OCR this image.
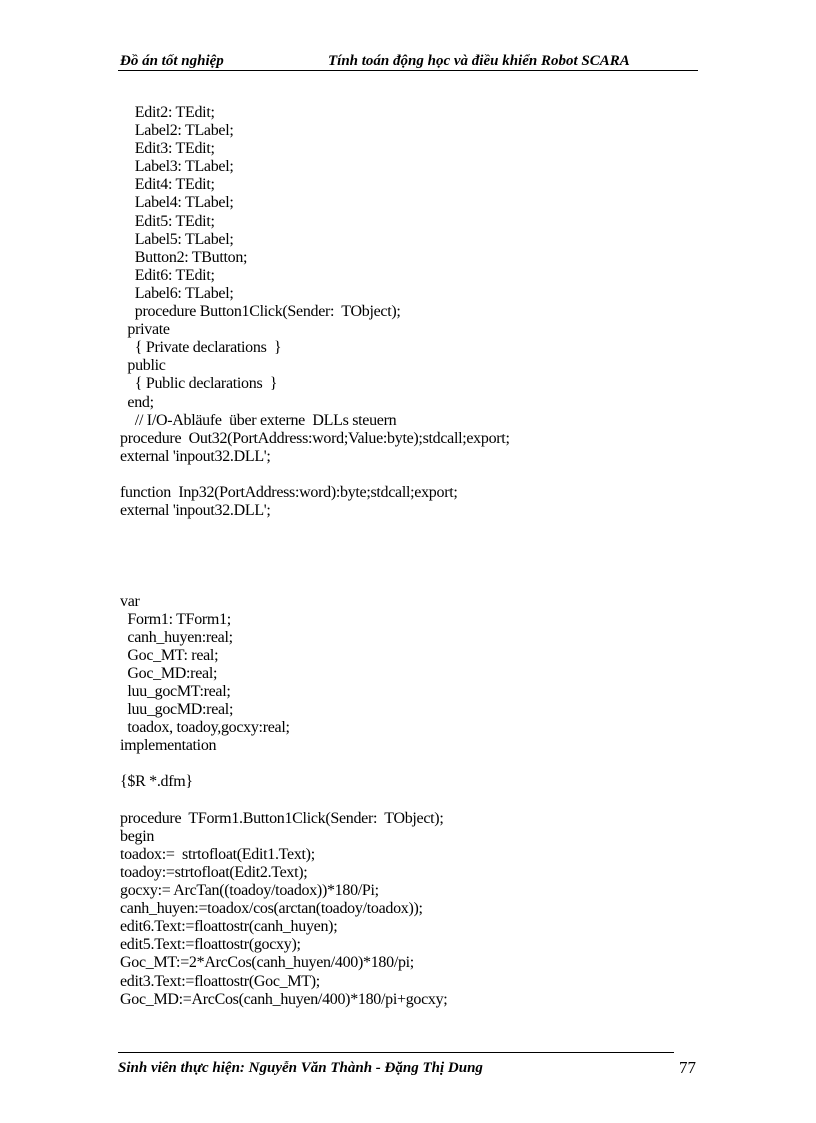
Đồ án tốt nghiệp	Tính toán động học và điều khiển Robot SCARA
Edit2: TEdit;
Label2: TLabel;
Edit3: TEdit;
Label3: TLabel;
Edit4: TEdit;
Label4: TLabel;
Edit5: TEdit;
Label5: TLabel;
Button2: TButton;
Edit6: TEdit;
Label6: TLabel;
procedure Button1Click(Sender:  TObject);
private
{ Private declarations  }
public
{ Public declarations  }
end;
// I/O-Abläufe  über externe  DLLs steuern
procedure  Out32(PortAddress:word;Value:byte);stdcall;export;
external 'inpout32.DLL';
function  Inp32(PortAddress:word):byte;stdcall;export;
external 'inpout32.DLL';
var
Form1: TForm1;
canh_huyen:real;
Goc_MT: real;
Goc_MD:real;
luu_gocMT:real;
luu_gocMD:real;
toadox, toadoy,gocxy:real;
implementation
{$R *.dfm}
procedure  TForm1.Button1Click(Sender:  TObject);
begin
toadox:=  strtofloat(Edit1.Text);
toadoy:=strtofloat(Edit2.Text);
gocxy:= ArcTan((toadoy/toadox))*180/Pi;
canh_huyen:=toadox/cos(arctan(toadoy/toadox));
edit6.Text:=floattostr(canh_huyen);
edit5.Text:=floattostr(gocxy);
Goc_MT:=2*ArcCos(canh_huyen/400)*180/pi;
edit3.Text:=floattostr(Goc_MT);
Goc_MD:=ArcCos(canh_huyen/400)*180/pi+gocxy;
Sinh viên thực hiện: Nguyễn Văn Thành - Đặng Thị Dung	77
